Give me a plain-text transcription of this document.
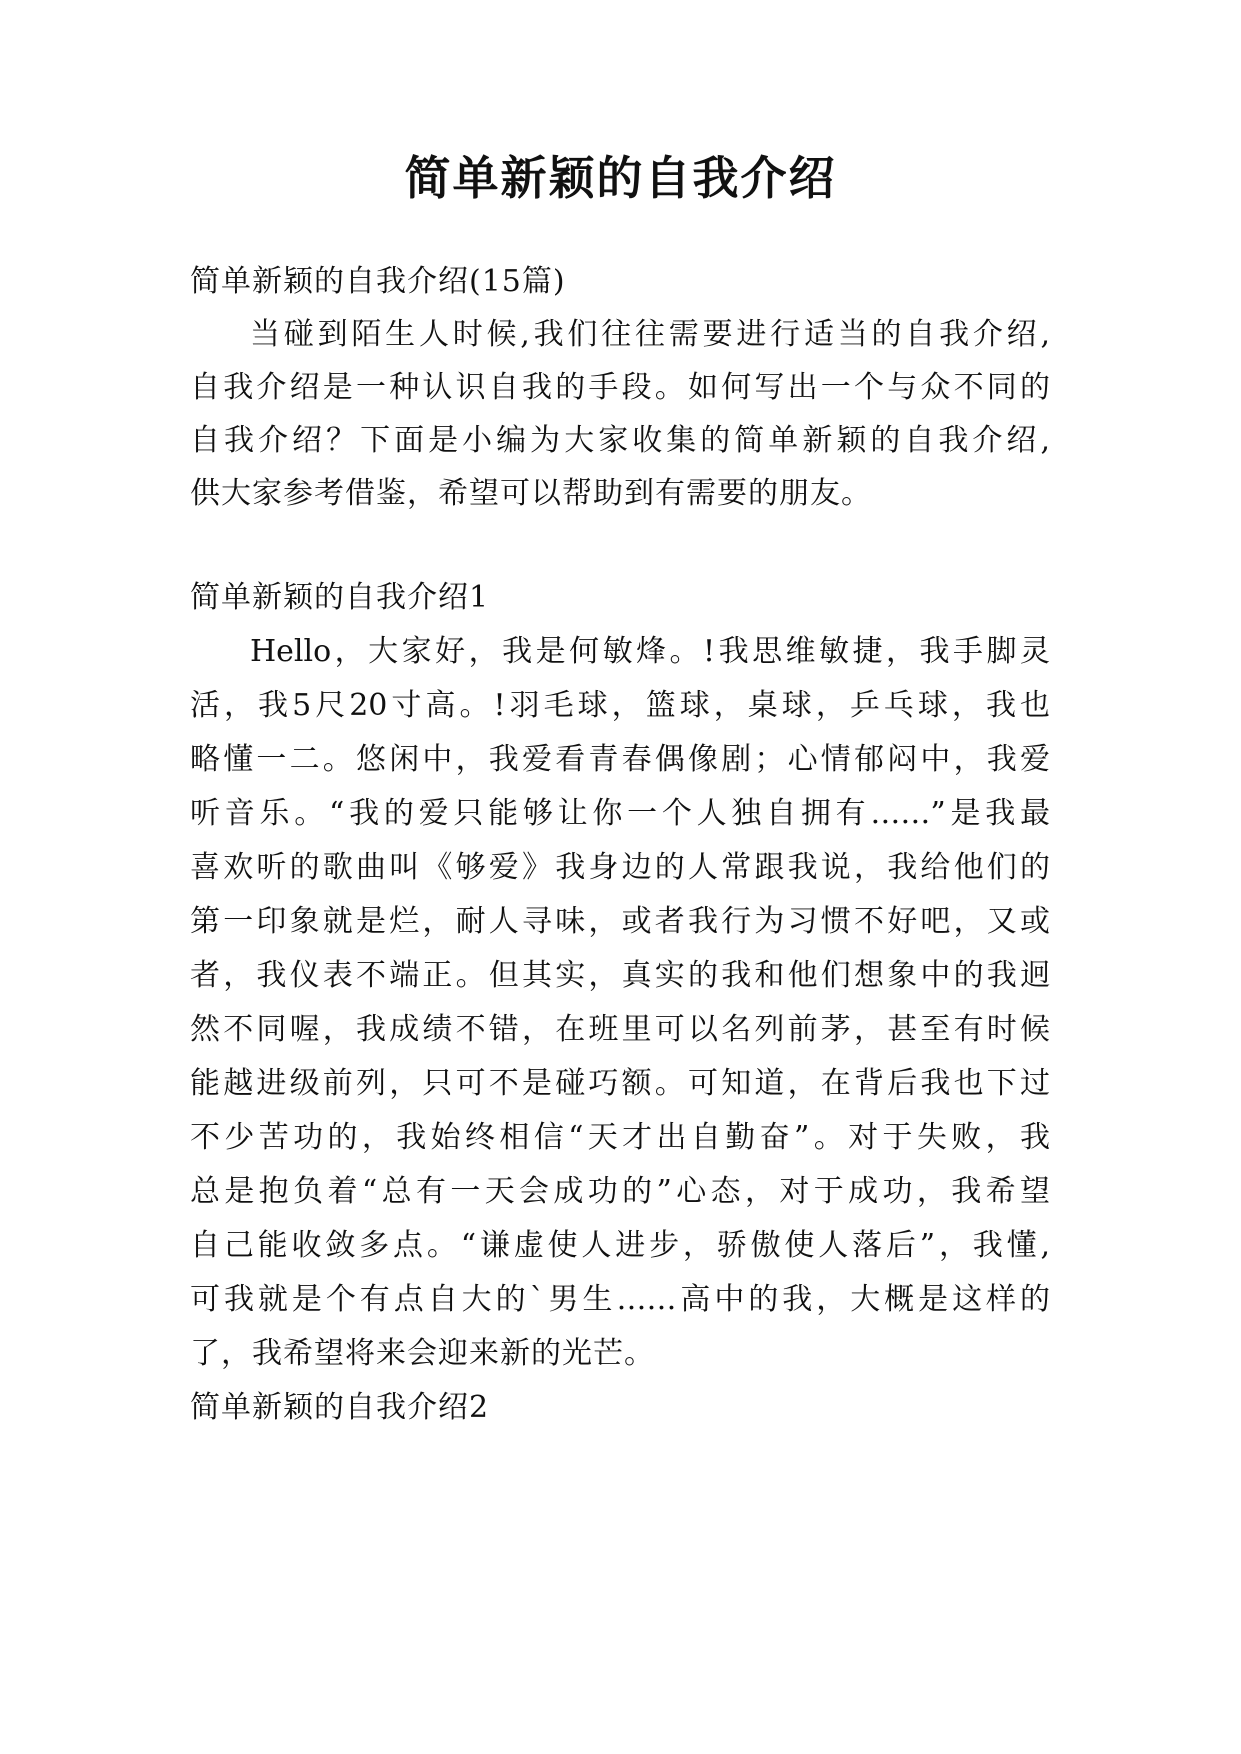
简单新颖的自我介绍
简单新颖的自我介绍(15篇)
当碰到陌生人时候,我们往往需要进行适当的自我介绍,
自我介绍是一种认识自我的手段。如何写出一个与众不同的
自我介绍？下面是小编为大家收集的简单新颖的自我介绍,
供大家参考借鉴，希望可以帮助到有需要的朋友。
简单新颖的自我介绍1
Hello，大家好，我是何敏烽。!我思维敏捷，我手脚灵
活，我5尺20寸高。!羽毛球，篮球，桌球，乒乓球，我也
略懂一二。悠闲中，我爱看青春偶像剧；心情郁闷中，我爱
听音乐。“我的爱只能够让你一个人独自拥有……”是我最
喜欢听的歌曲叫《够爱》我身边的人常跟我说，我给他们的
第一印象就是烂，耐人寻味，或者我行为习惯不好吧，又或
者，我仪表不端正。但其实，真实的我和他们想象中的我迥
然不同喔，我成绩不错，在班里可以名列前茅，甚至有时候
能越进级前列，只可不是碰巧额。可知道，在背后我也下过
不少苦功的，我始终相信“天才出自勤奋”。对于失败，我
总是抱负着“总有一天会成功的”心态，对于成功，我希望
自己能收敛多点。“谦虚使人进步，骄傲使人落后”，我懂,
可我就是个有点自大的`男生……高中的我，大概是这样的
了，我希望将来会迎来新的光芒。
简单新颖的自我介绍2
